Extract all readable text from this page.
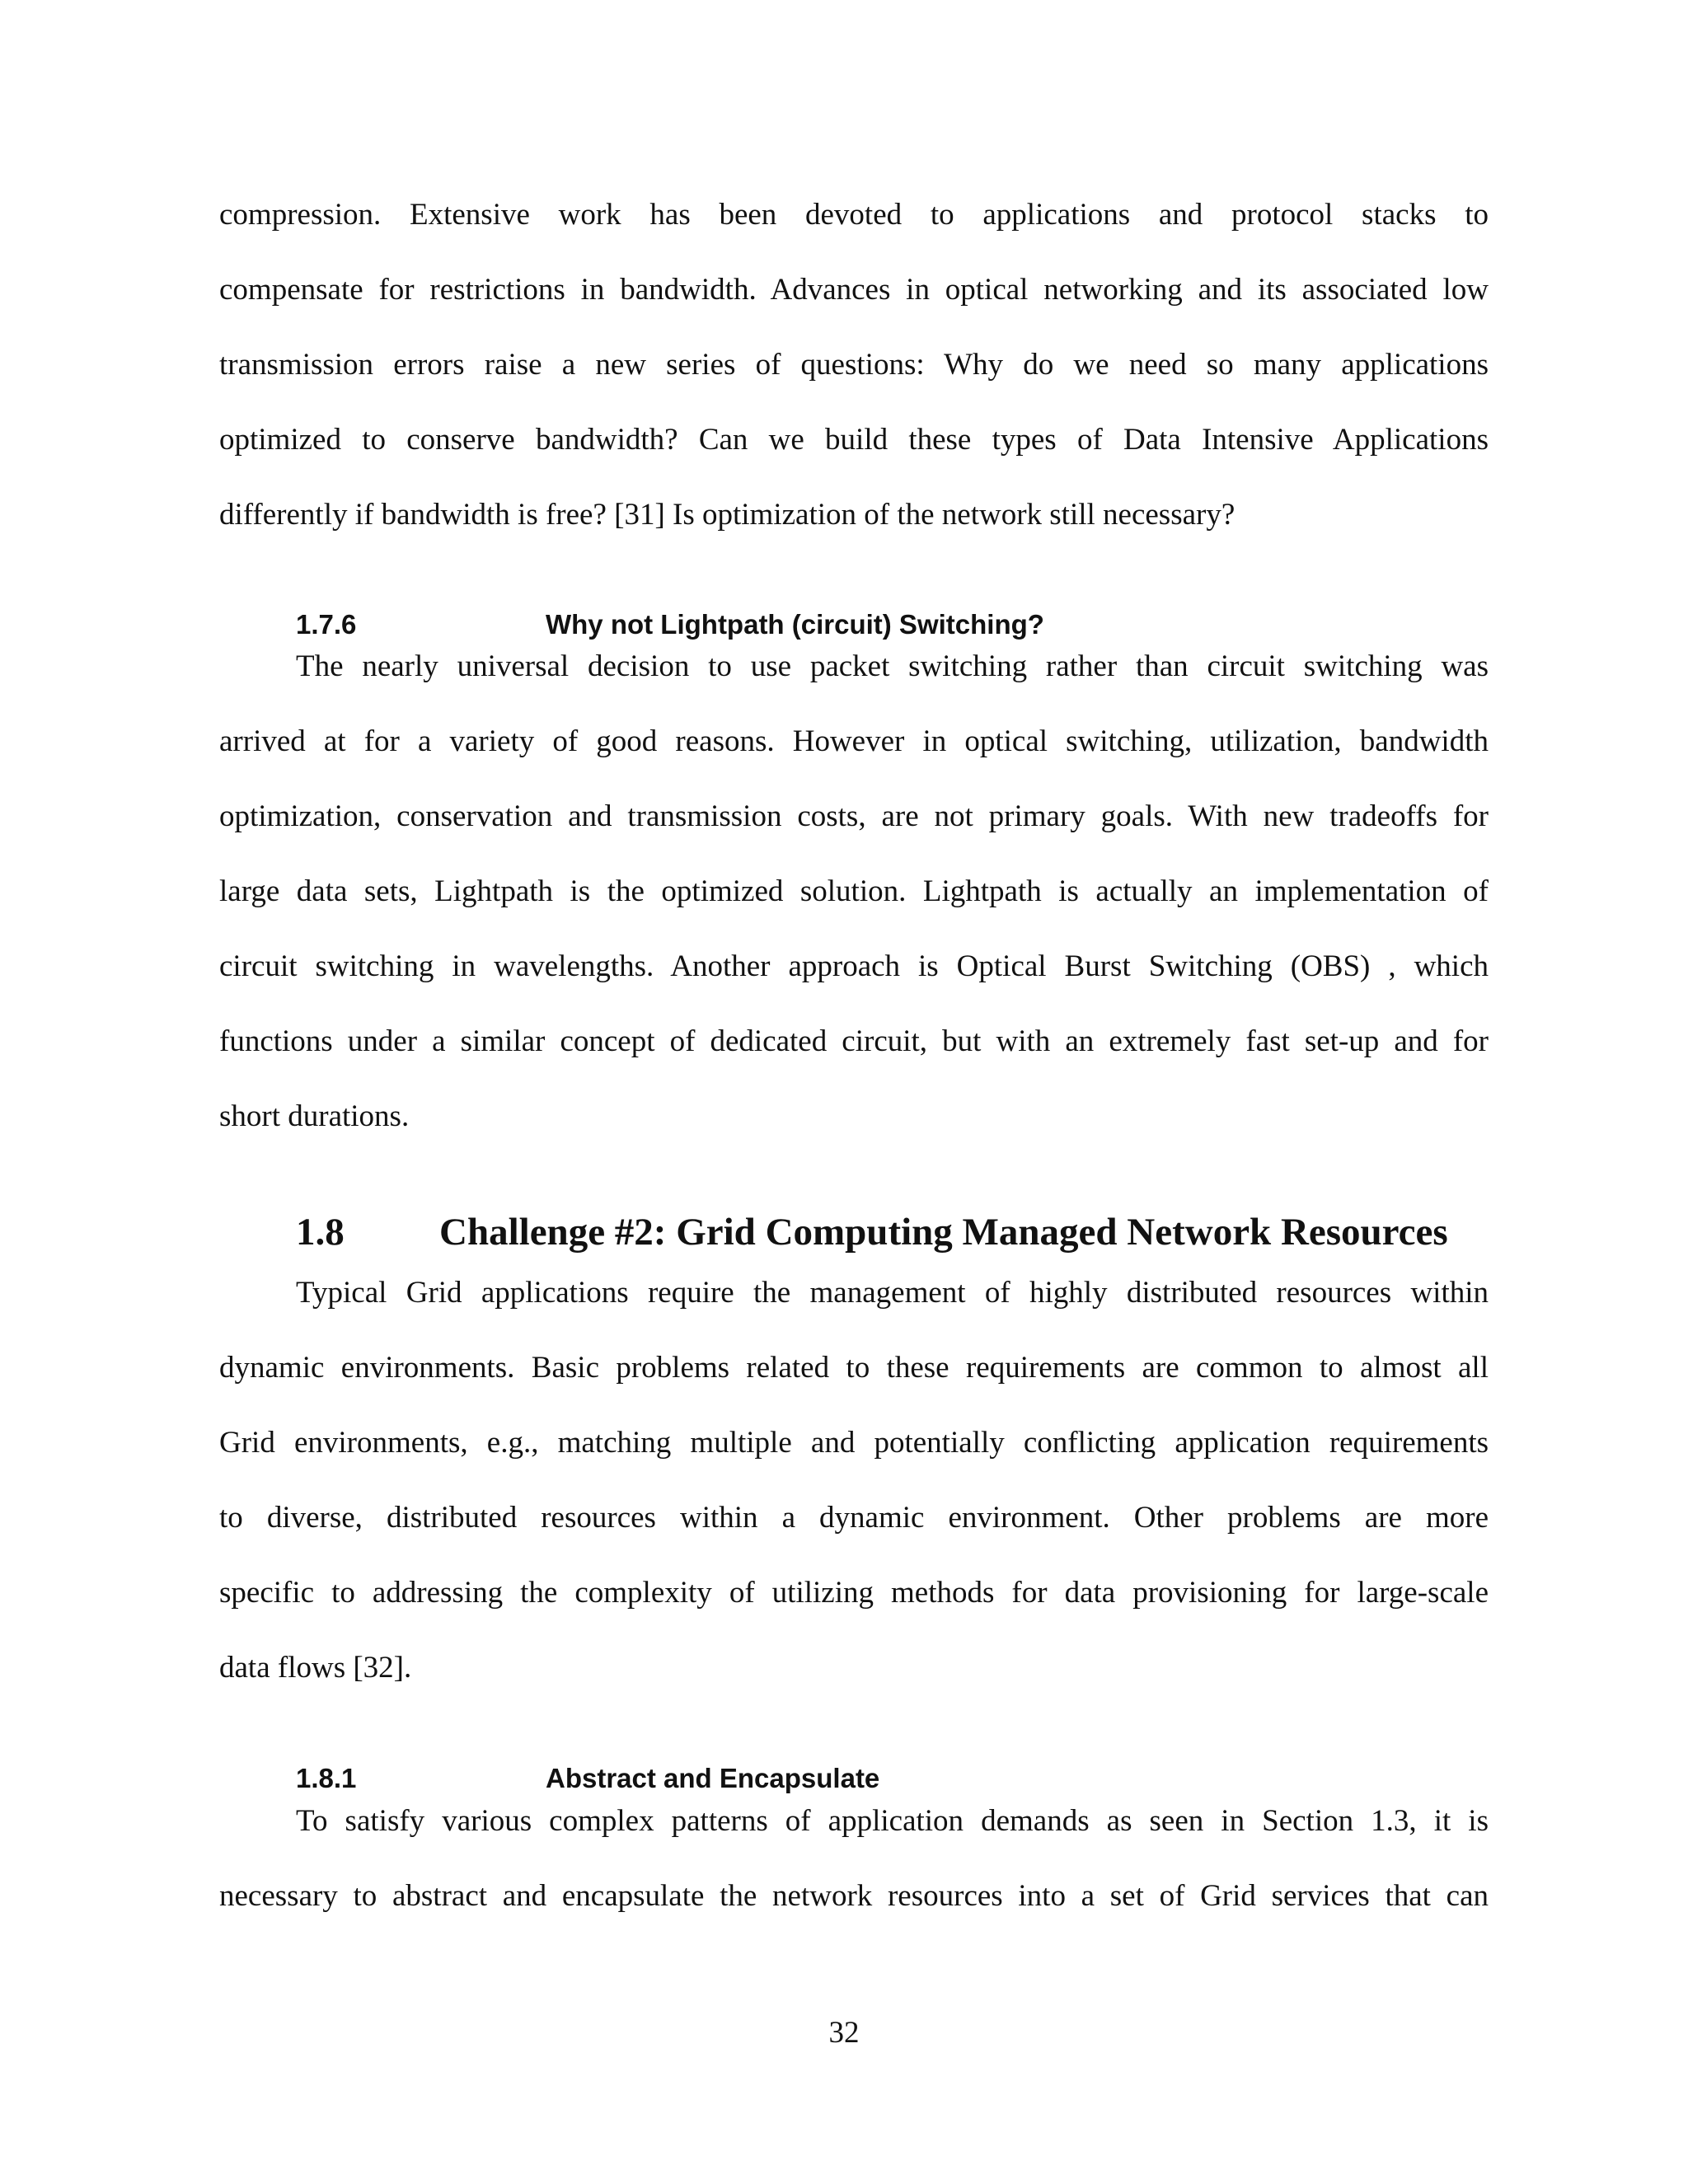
compression. Extensive work has been devoted to applications and protocol stacks to

compensate for restrictions in bandwidth. Advances in optical networking and its associated low

transmission errors raise a new series of questions: Why do we need so many applications

optimized to conserve bandwidth? Can we build these types of Data Intensive Applications

differently if bandwidth is free? [31] Is optimization of the network still necessary?

1.7.6	Why not Lightpath (circuit) Switching?

The nearly universal decision to use packet switching rather than circuit switching was

arrived at for a variety of good reasons. However in optical switching, utilization, bandwidth

optimization, conservation and transmission costs, are not primary goals. With new tradeoffs for

large data sets, Lightpath is the optimized solution. Lightpath is actually an implementation of

circuit switching in wavelengths. Another approach is Optical Burst Switching (OBS) , which

functions under a similar concept of dedicated circuit, but with an extremely fast set-up and for

short durations.

1.8 Challenge #2: Grid Computing Managed Network Resources

Typical Grid applications require the management of highly distributed resources within

dynamic environments. Basic problems related to these requirements are common to almost all

Grid environments, e.g., matching multiple and potentially conflicting application requirements

to diverse, distributed resources within a dynamic environment. Other problems are more

specific to addressing the complexity of utilizing methods for data provisioning for large-scale

data flows [32].

1.8.1	Abstract and Encapsulate

To satisfy various complex patterns of application demands as seen in Section 1.3, it is

necessary to abstract and encapsulate the network resources into a set of Grid services that can

32
